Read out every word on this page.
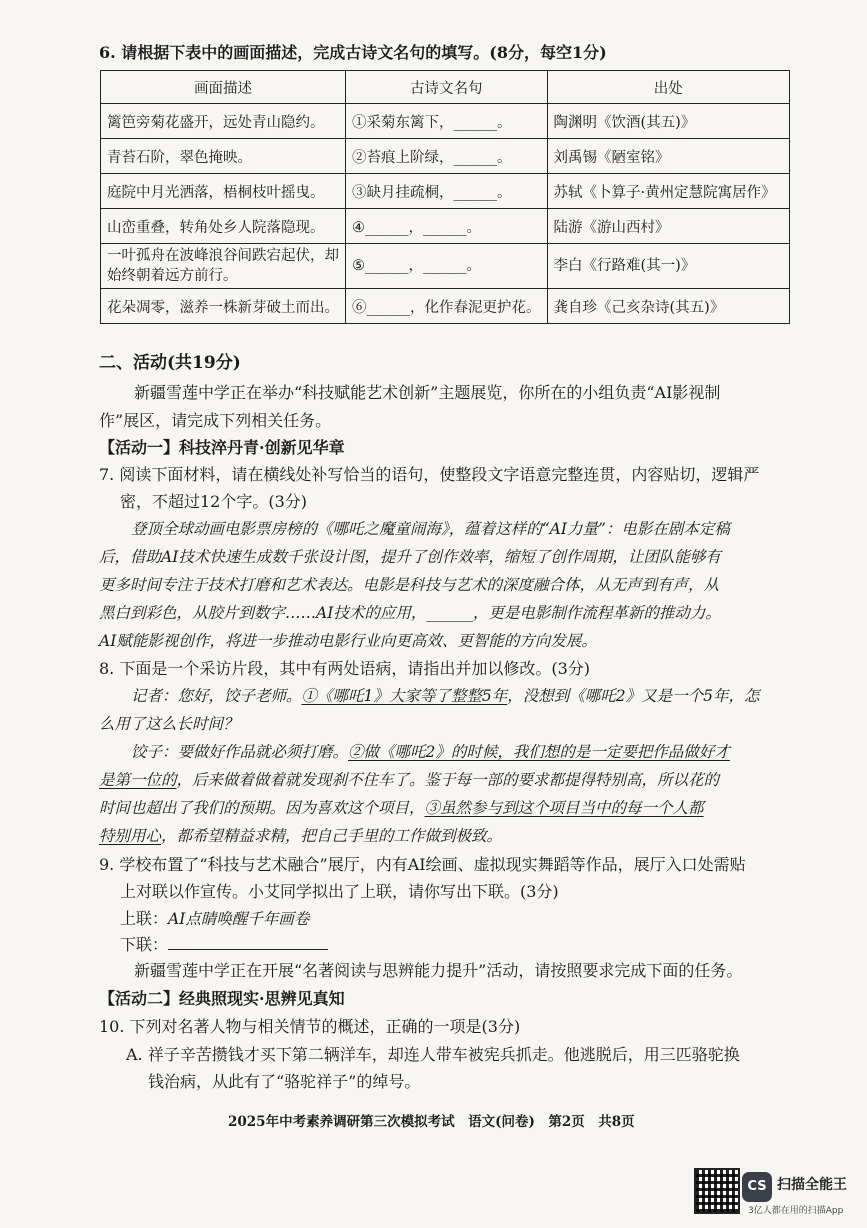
6. 请根据下表中的画面描述，完成古诗文名句的填写。(8分，每空1分)
画面描述	古诗文名句	出处
篱笆旁菊花盛开，远处青山隐约。	①采菊东篱下，______。	陶渊明《饮酒(其五)》
青苔石阶，翠色掩映。	②苔痕上阶绿，______。	刘禹锡《陋室铭》
庭院中月光洒落，梧桐枝叶摇曳。	③缺月挂疏桐，______。	苏轼《卜算子·黄州定慧院寓居作》
山峦重叠，转角处乡人院落隐现。	④______，______。	陆游《游山西村》
一叶孤舟在波峰浪谷间跌宕起伏，却始终朝着远方前行。	⑤______，______。	李白《行路难(其一)》
花朵凋零，滋养一株新芽破土而出。	⑥______，化作春泥更护花。	龚自珍《己亥杂诗(其五)》
二、活动(共19分)
新疆雪莲中学正在举办“科技赋能艺术创新”主题展览，你所在的小组负责“AI影视制
作”展区，请完成下列相关任务。
【活动一】科技淬丹青·创新见华章
7. 阅读下面材料，请在横线处补写恰当的语句，使整段文字语意完整连贯，内容贴切，逻辑严
密，不超过12个字。(3分)
登顶全球动画电影票房榜的《哪吒之魔童闹海》，蕴着这样的“AI力量”：电影在剧本定稿
后，借助AI技术快速生成数千张设计图，提升了创作效率，缩短了创作周期，让团队能够有
更多时间专注于技术打磨和艺术表达。电影是科技与艺术的深度融合体，从无声到有声，从
黑白到彩色，从胶片到数字……AI技术的应用，______，更是电影制作流程革新的推动力。
AI赋能影视创作，将进一步推动电影行业向更高效、更智能的方向发展。
8. 下面是一个采访片段，其中有两处语病，请指出并加以修改。(3分)
记者：您好，饺子老师。①《哪吒1》大家等了整整5年，没想到《哪吒2》又是一个5年，怎
么用了这么长时间？
饺子：要做好作品就必须打磨。②做《哪吒2》的时候，我们想的是一定要把作品做好才
是第一位的，后来做着做着就发现刹不住车了。鉴于每一部的要求都提得特别高，所以花的
时间也超出了我们的预期。因为喜欢这个项目，③虽然参与到这个项目当中的每一个人都
特别用心，都希望精益求精，把自己手里的工作做到极致。
9. 学校布置了“科技与艺术融合”展厅，内有AI绘画、虚拟现实舞蹈等作品，展厅入口处需贴
上对联以作宣传。小艾同学拟出了上联，请你写出下联。(3分)
上联：AI点睛唤醒千年画卷
下联：
新疆雪莲中学正在开展“名著阅读与思辨能力提升”活动，请按照要求完成下面的任务。
【活动二】经典照现实·思辨见真知
10. 下列对名著人物与相关情节的概述，正确的一项是(3分)
A. 祥子辛苦攒钱才买下第二辆洋车，却连人带车被宪兵抓走。他逃脱后，用三匹骆驼换
钱治病，从此有了“骆驼祥子”的绰号。
2025年中考素养调研第三次模拟考试　语文(问卷)　第2页　共8页
CS 扫描全能王
3亿人都在用的扫描App
